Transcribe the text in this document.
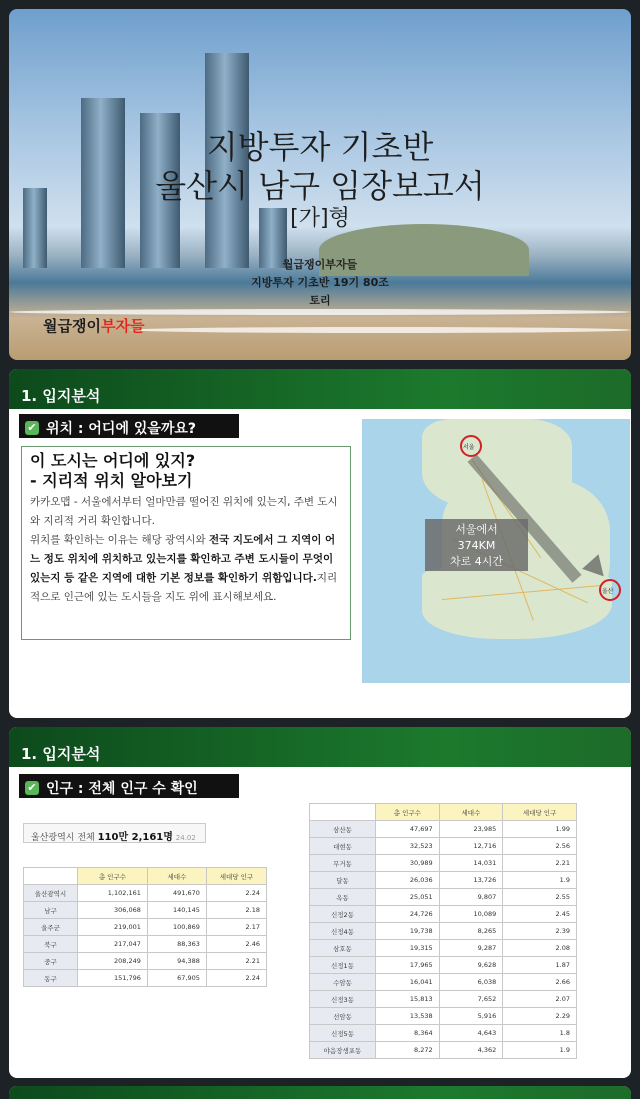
지방투자 기초반
울산시 남구 임장보고서
[가]형
월급쟁이부자들
지방투자 기초반 19기 80조
토리
월급쟁이부자들
1. 입지분석
✔ 위치 : 어디에 있을까요?
이 도시는 어디에 있지?
- 지리적 위치 알아보기

카카오맵 - 서울에서부터 얼마만큼 떨어진 위치에 있는지, 주변 도시와 지리적 거리 확인합니다.

위치를 확인하는 이유는 해당 광역시와 전국 지도에서 그 지역이 어느 정도 위치에 위치하고 있는지를 확인하고 주변 도시들이 무엇이 있는지 등 같은 지역에 대한 기본 정보를 확인하기 위함입니다.지리적으로 인근에 있는 도시들을 지도 위에 표시해보세요.

서울
울산
서울에서
374KM
차로 4시간
1. 입지분석
✔ 인구 : 전체 인구 수 확인
울산광역시 전체 110만 2,161명 24.02
	총 인구수	세대수	세대당 인구
울산광역시	1,102,161	491,670	2.24
남구	306,068	140,145	2.18
울주군	219,001	100,869	2.17
북구	217,047	88,363	2.46
중구	208,249	94,388	2.21
동구	151,796	67,905	2.24
	총 인구수	세대수	세대당 인구
삼산동	47,697	23,985	1.99
대현동	32,523	12,716	2.56
무거동	30,989	14,031	2.21
달동	26,036	13,726	1.9
옥동	25,051	9,807	2.55
신정2동	24,726	10,089	2.45
신정4동	19,738	8,265	2.39
삼호동	19,315	9,287	2.08
신정1동	17,965	9,628	1.87
수암동	16,041	6,038	2.66
신정3동	15,813	7,652	2.07
선암동	13,538	5,916	2.29
신정5동	8,364	4,643	1.8
야음장생포동	8,272	4,362	1.9
